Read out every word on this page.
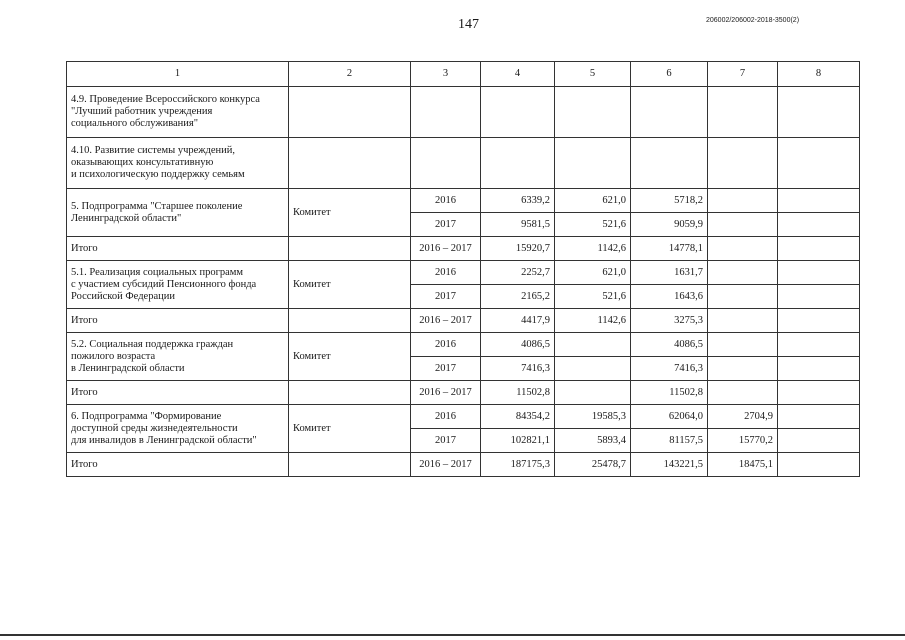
147	206002/206002-2018-3500(2)
1	2	3	4	5	6	7	8
4.9. Проведение Всероссийского конкурса
"Лучший работник учреждения
социального обслуживания"							
4.10. Развитие системы учреждений,
оказывающих консультативную
и психологическую поддержку семьям							
5. Подпрограмма "Старшее поколение
Ленинградской области"	Комитет	2016	6339,2	621,0	5718,2		
		2017	9581,5	521,6	9059,9		
Итого		2016 – 2017	15920,7	1142,6	14778,1		
5.1. Реализация социальных программ
с участием субсидий Пенсионного фонда
Российской Федерации	Комитет	2016	2252,7	621,0	1631,7		
		2017	2165,2	521,6	1643,6		
Итого		2016 – 2017	4417,9	1142,6	3275,3		
5.2. Социальная поддержка граждан
пожилого возраста
в Ленинградской области	Комитет	2016	4086,5		4086,5		
		2017	7416,3		7416,3		
Итого		2016 – 2017	11502,8		11502,8		
6. Подпрограмма "Формирование
доступной среды жизнедеятельности
для инвалидов в Ленинградской области"	Комитет	2016	84354,2	19585,3	62064,0	2704,9	
		2017	102821,1	5893,4	81157,5	15770,2	
Итого		2016 – 2017	187175,3	25478,7	143221,5	18475,1	
